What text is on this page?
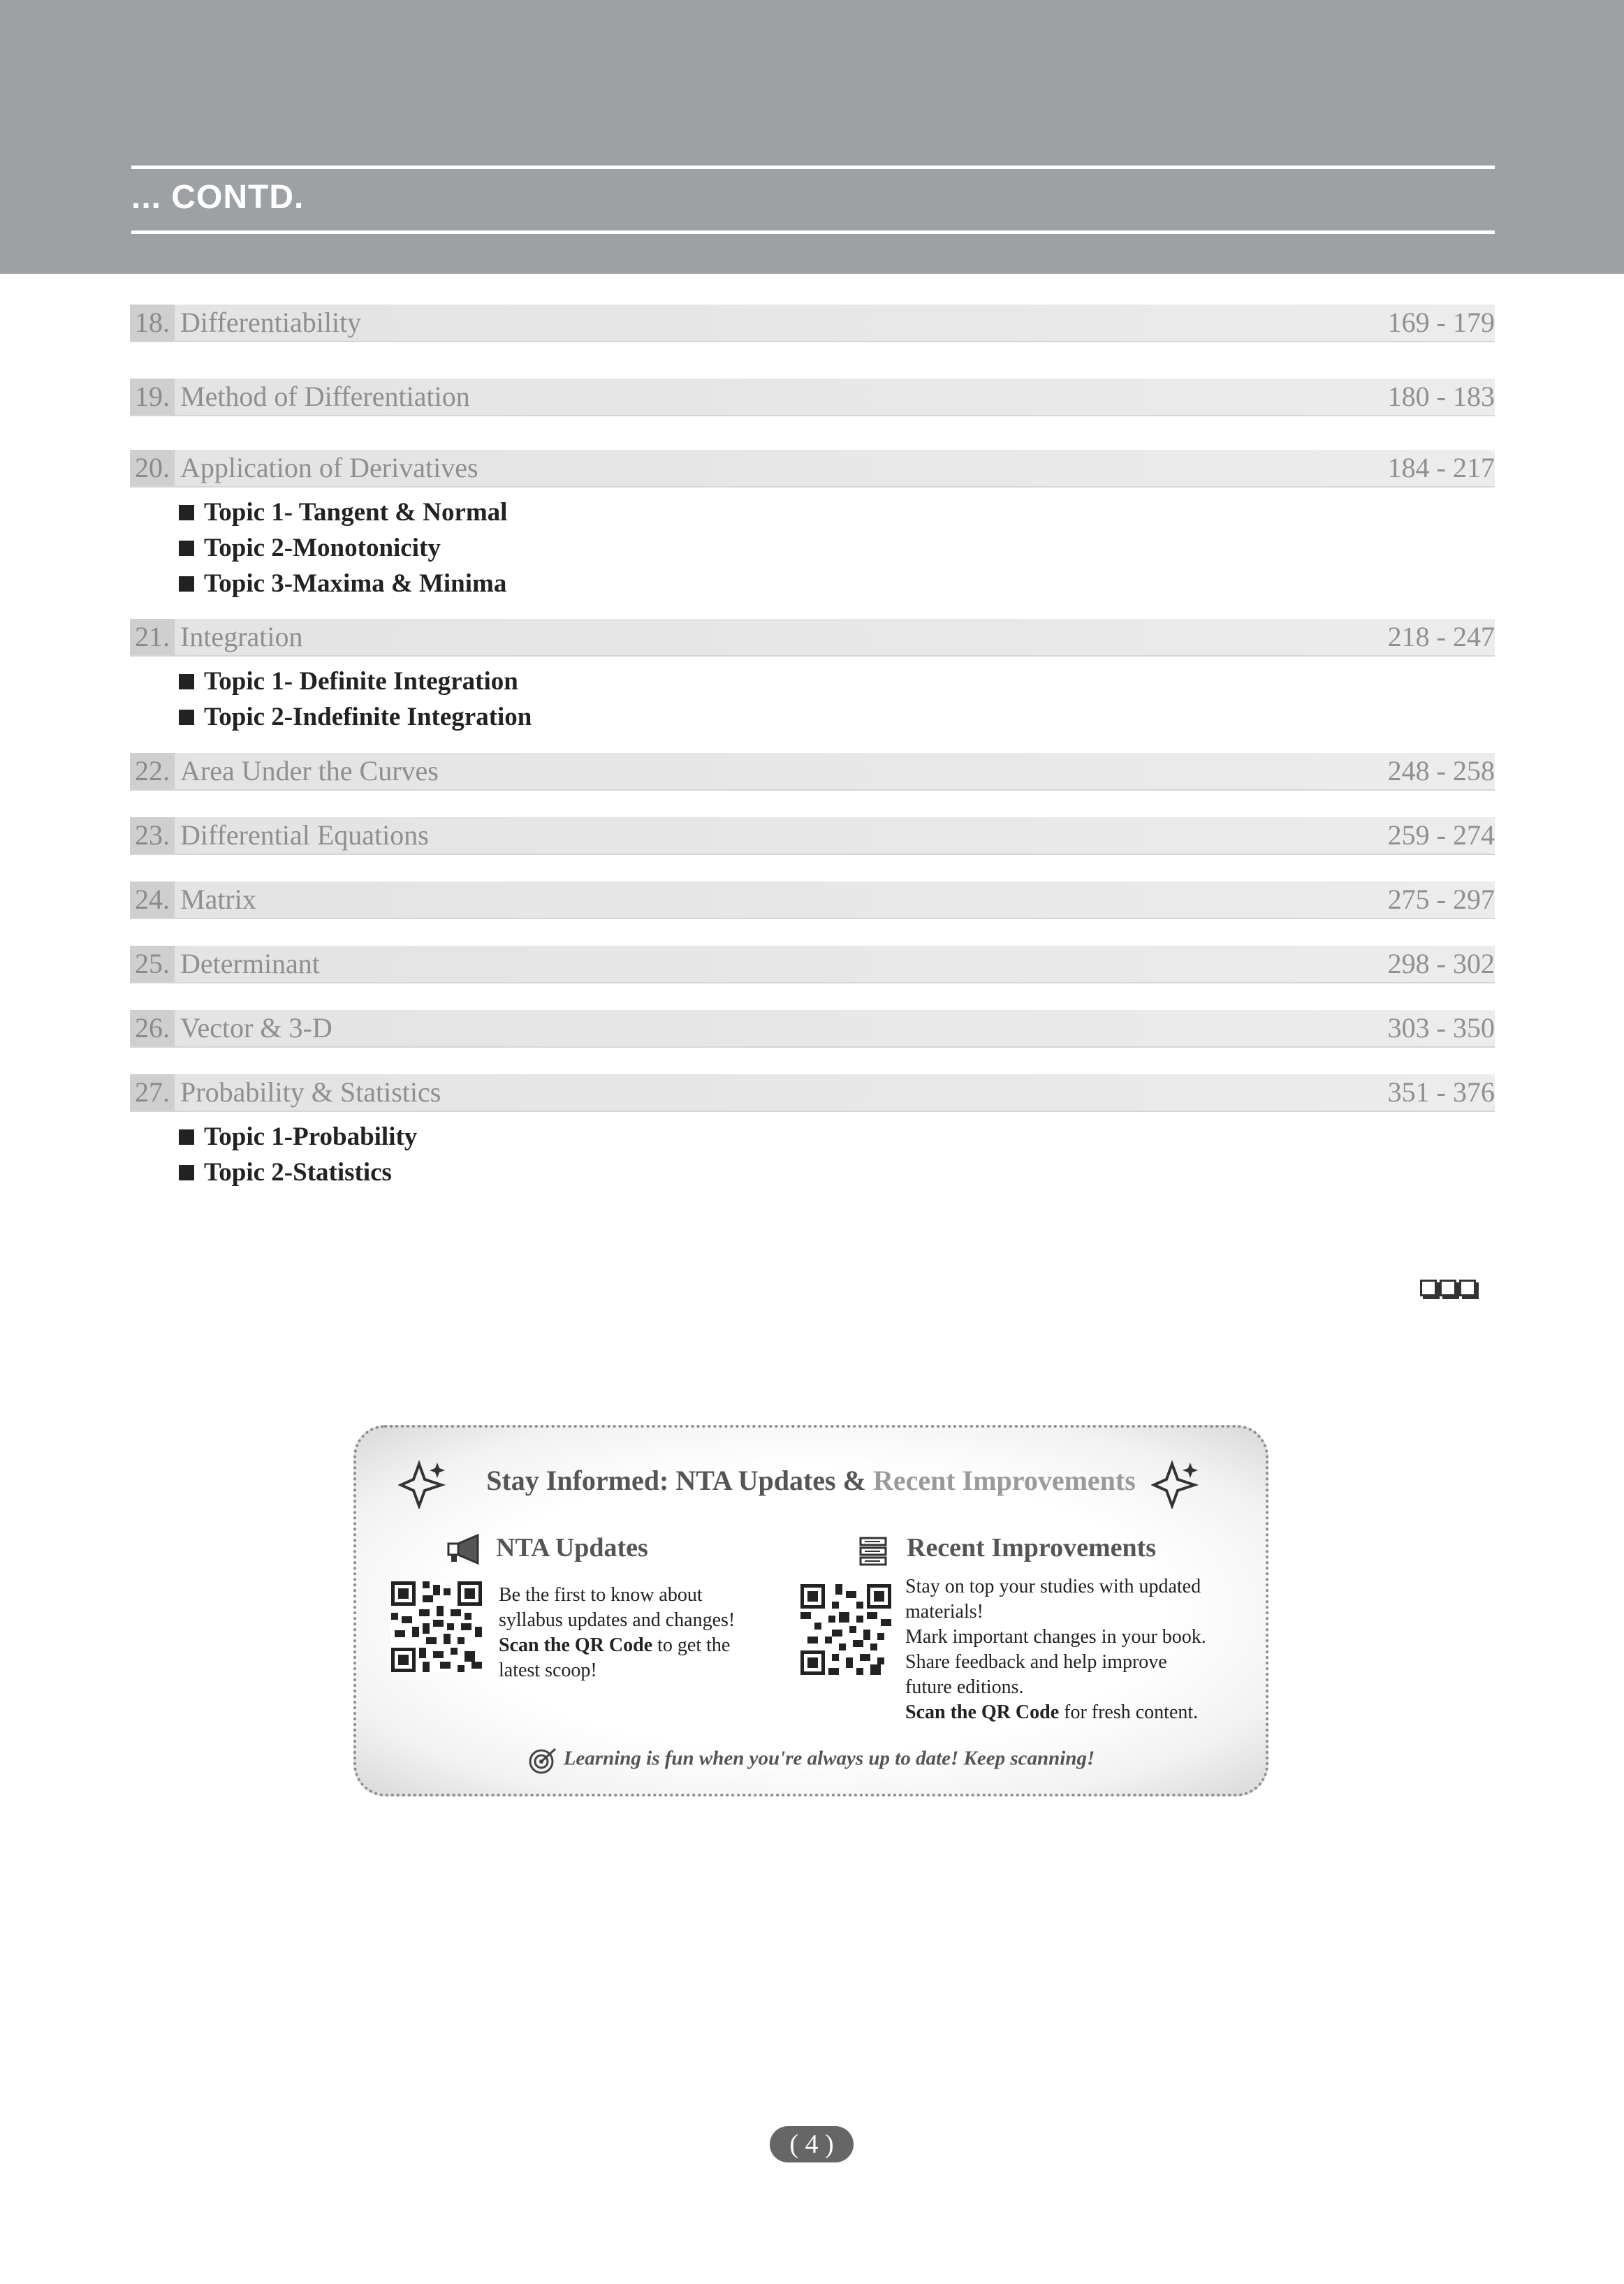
... CONTD.
18. Differentiability	169 - 179
19. Method of Differentiation	180 - 183
20. Application of Derivatives	184 - 217
Topic 1- Tangent & Normal
Topic 2-Monotonicity
Topic 3-Maxima & Minima
21. Integration	218 - 247
Topic 1- Definite Integration
Topic 2-Indefinite Integration
22. Area Under the Curves	248 - 258
23. Differential Equations	259 - 274
24. Matrix	275 - 297
25. Determinant	298 - 302
26. Vector & 3-D	303 - 350
27. Probability & Statistics	351 - 376
Topic 1-Probability
Topic 2-Statistics
Stay Informed: NTA Updates & Recent Improvements
NTA Updates
Be the first to know about
syllabus updates and changes!
Scan the QR Code to get the
latest scoop!
Recent Improvements
Stay on top your studies with updated
materials!
Mark important changes in your book.
Share feedback and help improve
future editions.
Scan the QR Code for fresh content.
Learning is fun when you're always up to date! Keep scanning!
( 4 )
